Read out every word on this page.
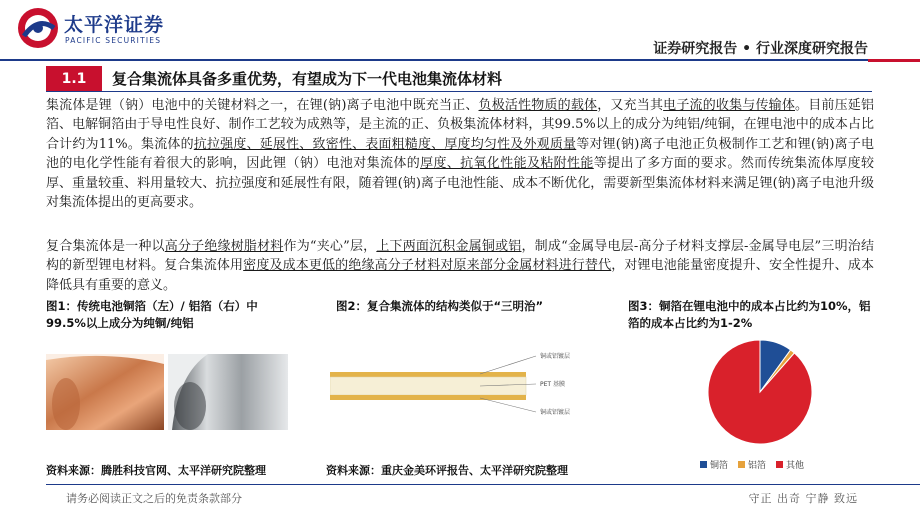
太平洋证券
PACIFIC SECURITIES
证券研究报告 • 行业深度研究报告
1.1	复合集流体具备多重优势，有望成为下一代电池集流体材料

集流体是锂（钠）电池中的关键材料之一，在锂(钠)离子电池中既充当正、负极活性物质的载体，又充当其电子流的收集与传输体。目前压延铝箔、电解铜箔由于导电性良好、制作工艺较为成熟等，是主流的正、负极集流体材料，其99.5%以上的成分为纯铝/纯铜，在锂电池中的成本占比合计约为11%。集流体的抗拉强度、延展性、致密性、表面粗糙度、厚度均匀性及外观质量等对锂(钠)离子电池正负极制作工艺和锂(钠)离子电池的电化学性能有着很大的影响，因此锂（钠）电池对集流体的厚度、抗氧化性能及粘附性能等提出了多方面的要求。然而传统集流体厚度较厚、重量较重、料用量较大、抗拉强度和延展性有限，随着锂(钠)离子电池性能、成本不断优化，需要新型集流体材料来满足锂(钠)离子电池升级对集流体提出的更高要求。

复合集流体是一种以高分子绝缘树脂材料作为“夹心”层，上下两面沉积金属铜或铝，制成“金属导电层-高分子材料支撑层-金属导电层”三明治结构的新型锂电材料。复合集流体用密度及成本更低的绝缘高分子材料对原来部分金属材料进行替代，对锂电池能量密度提升、安全性提升、成本降低具有重要的意义。

图1：传统电池铜箔（左）/ 铝箔（右）中99.5%以上成分为纯铜/纯铝
图2：复合集流体的结构类似于“三明治”	图3：铜箔在锂电池中的成本占比约为10%，铝箔的成本占比约为1-2%
铜或铝镀层
PET 基膜
铜或铝镀层
铜箔 铝箔 其他
资料来源：腾胜科技官网、太平洋研究院整理	资料来源：重庆金美环评报告、太平洋研究院整理
请务必阅读正文之后的免责条款部分	守正 出奇 宁静 致远
